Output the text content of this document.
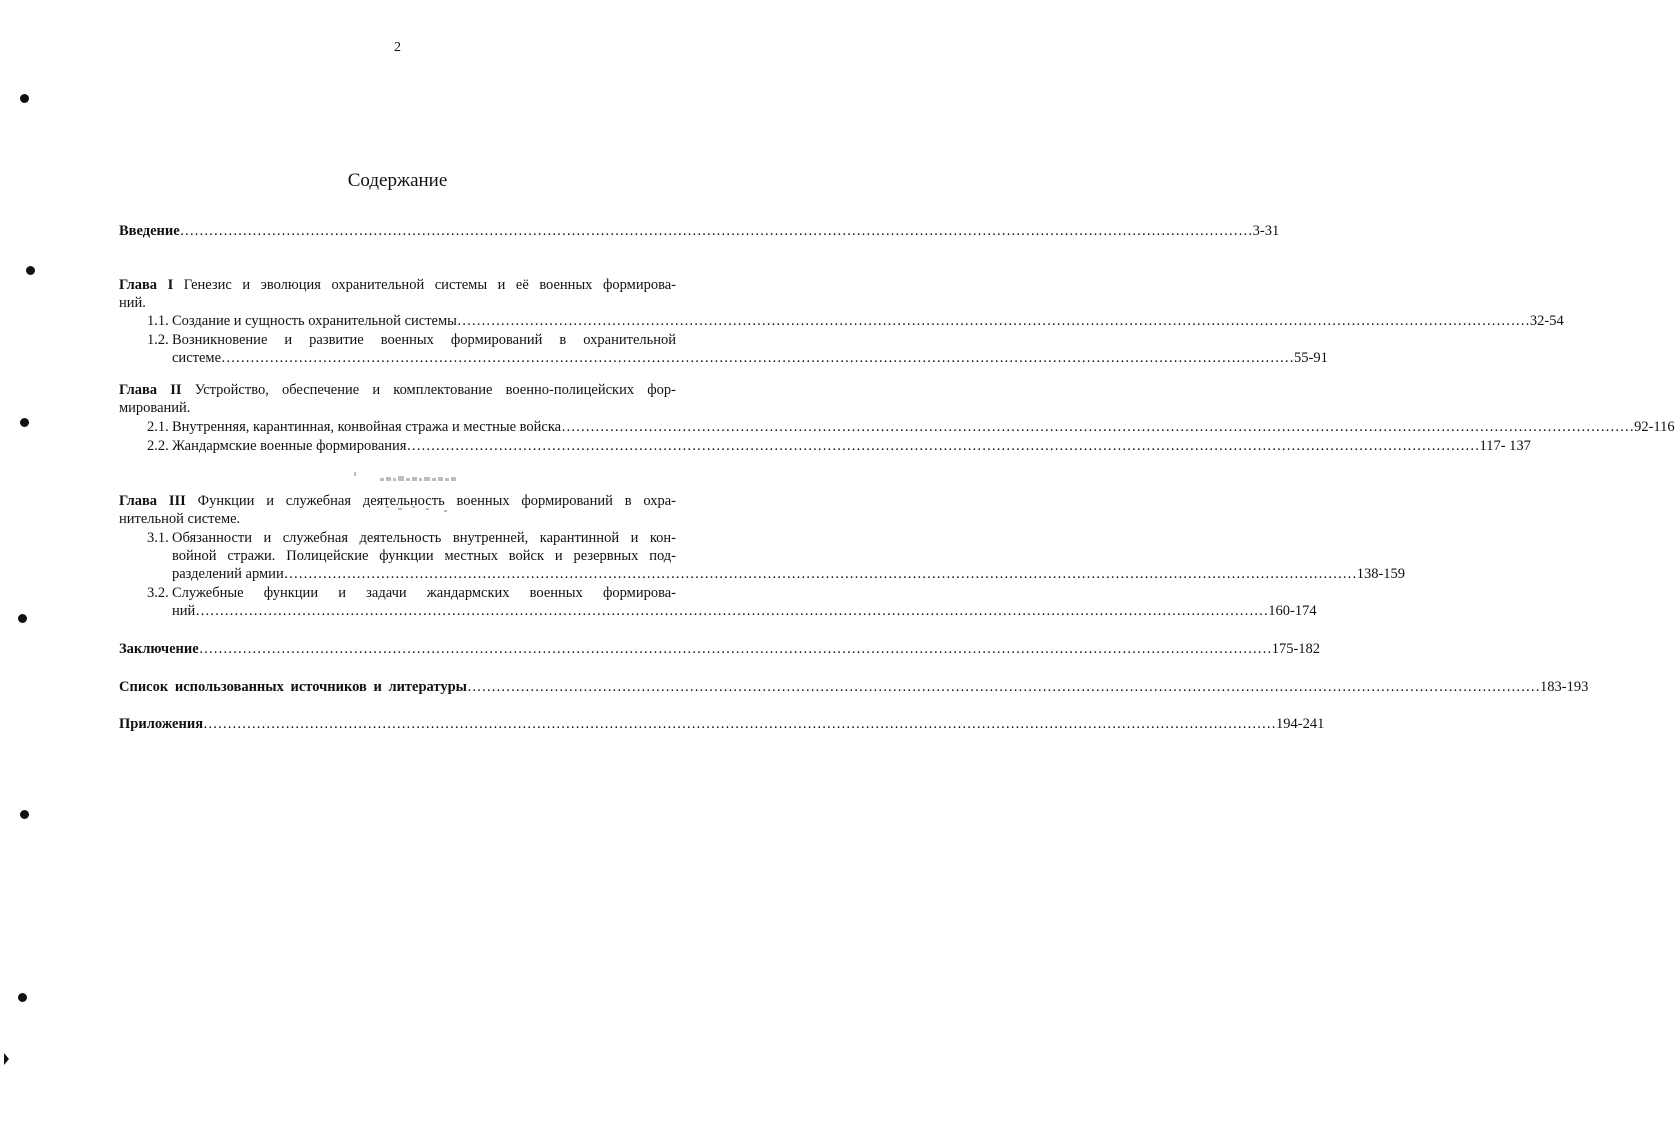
2
Содержание
Введение …………………………………………………………………………………………………………………………………………………………………………………………………… 3-31
Глава I Генезис и эволюция охранительной системы и её военных формирова-
ний.
1.1. Создание и сущность охранительной системы …………………………………………………………………………………………………………………………………………………………………………………………………… 32-54
1.2. Возникновение и развитие военных формирований в охранительной
системе …………………………………………………………………………………………………………………………………………………………………………………………………… 55-91
Глава II Устройство, обеспечение и комплектование военно-полицейских фор-
мирований.
2.1. Внутренняя, карантинная, конвойная стража и местные войска …………………………………………………………………………………………………………………………………………………………………………………………………… 92-116
2.2. Жандармские военные формирования …………………………………………………………………………………………………………………………………………………………………………………………………… 117- 137
Глава III Функции и служебная деятельность военных формирований в охра-
нительной системе.
3.1. Обязанности и служебная деятельность внутренней, карантинной и кон-
войной стражи. Полицейские функции местных войск и резервных под-
разделений армии …………………………………………………………………………………………………………………………………………………………………………………………………… 138-159
3.2. Служебные функции и задачи жандармских военных формирова-
ний …………………………………………………………………………………………………………………………………………………………………………………………………… 160-174
Заключение …………………………………………………………………………………………………………………………………………………………………………………………………… 175-182
Список использованных источников и литературы …………………………………………………………………………………………………………………………………………………………………………………………………… 183-193
Приложения …………………………………………………………………………………………………………………………………………………………………………………………………… 194-241
